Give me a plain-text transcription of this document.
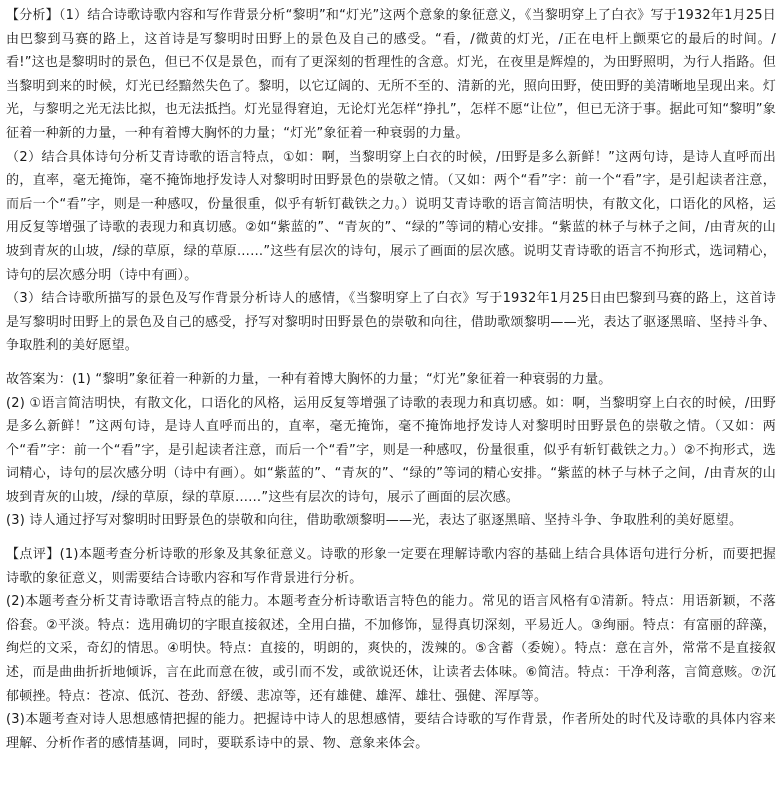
【分析】（1）结合诗歌诗歌内容和写作背景分析“黎明”和“灯光”这两个意象的象征意义，《当黎明穿上了白衣》写于1932年1月25日由巴黎到马赛的路上，这首诗是写黎明时田野上的景色及自己的感受。“看，/微黄的灯光，/正在电杆上颤栗它的最后的时间。/看!”这也是黎明时的景色，但已不仅是景色，而有了更深刻的哲理性的含意。灯光，在夜里是辉煌的，为田野照明，为行人指路。但当黎明到来的时候，灯光已经黯然失色了。黎明，以它辽阔的、无所不至的、清新的光，照向田野，使田野的美清晰地呈现出来。灯光，与黎明之光无法比拟，也无法抵挡。灯光显得窘迫，无论灯光怎样“挣扎”，怎样不愿“让位”，但已无济于事。据此可知“黎明”象征着一种新的力量，一种有着博大胸怀的力量；“灯光”象征着一种衰弱的力量。

（2）结合具体诗句分析艾青诗歌的语言特点，①如：啊，当黎明穿上白衣的时候，/田野是多么新鲜！”这两句诗，是诗人直呼而出的，直率，毫无掩饰，毫不掩饰地抒发诗人对黎明时田野景色的崇敬之情。（又如：两个“看”字：前一个“看”字，是引起读者注意，而后一个“看”字，则是一种感叹，份量很重，似乎有斩钉截铁之力。）说明艾青诗歌的语言简洁明快，有散文化，口语化的风格，运用反复等增强了诗歌的表现力和真切感。②如“紫蓝的”、“青灰的”、“绿的”等词的精心安排。“紫蓝的林子与林子之间，/由青灰的山坡到青灰的山坡，/绿的草原，绿的草原……”这些有层次的诗句，展示了画面的层次感。说明艾青诗歌的语言不拘形式，选词精心，诗句的层次感分明（诗中有画）。

（3）结合诗歌所描写的景色及写作背景分析诗人的感情，《当黎明穿上了白衣》写于1932年1月25日由巴黎到马赛的路上，这首诗是写黎明时田野上的景色及自己的感受，抒写对黎明时田野景色的崇敬和向往，借助歌颂黎明——光，表达了驱逐黑暗、坚持斗争、争取胜利的美好愿望。

故答案为：(1) “黎明”象征着一种新的力量，一种有着博大胸怀的力量；“灯光”象征着一种衰弱的力量。

(2) ①语言简洁明快，有散文化，口语化的风格，运用反复等增强了诗歌的表现力和真切感。如：啊，当黎明穿上白衣的时候，/田野是多么新鲜！”这两句诗，是诗人直呼而出的，直率，毫无掩饰，毫不掩饰地抒发诗人对黎明时田野景色的崇敬之情。（又如：两个“看”字：前一个“看”字，是引起读者注意，而后一个“看”字，则是一种感叹，份量很重，似乎有斩钉截铁之力。）②不拘形式，选词精心，诗句的层次感分明（诗中有画）。如“紫蓝的”、“青灰的”、“绿的”等词的精心安排。“紫蓝的林子与林子之间，/由青灰的山坡到青灰的山坡，/绿的草原，绿的草原……”这些有层次的诗句，展示了画面的层次感。

(3) 诗人通过抒写对黎明时田野景色的崇敬和向往，借助歌颂黎明——光，表达了驱逐黑暗、坚持斗争、争取胜利的美好愿望。

【点评】(1)本题考查分析诗歌的形象及其象征意义。诗歌的形象一定要在理解诗歌内容的基础上结合具体语句进行分析，而要把握诗歌的象征意义，则需要结合诗歌内容和写作背景进行分析。

(2)本题考查分析艾青诗歌语言特点的能力。本题考查分析诗歌语言特色的能力。常见的语言风格有①清新。特点：用语新颖，不落俗套。②平淡。特点：选用确切的字眼直接叙述，全用白描，不加修饰，显得真切深刻，平易近人。③绚丽。特点：有富丽的辞藻，绚烂的文采，奇幻的情思。④明快。特点：直接的，明朗的，爽快的，泼辣的。⑤含蓄（委婉）。特点：意在言外，常常不是直接叙述，而是曲曲折折地倾诉，言在此而意在彼，或引而不发，或欲说还休，让读者去体味。⑥简洁。特点：干净利落，言简意赅。⑦沉郁顿挫。特点：苍凉、低沉、苍劲、舒缓、悲凉等，还有雄健、雄浑、雄壮、强健、浑厚等。

(3)本题考查对诗人思想感情把握的能力。把握诗中诗人的思想感情，要结合诗歌的写作背景，作者所处的时代及诗歌的具体内容来理解、分析作者的感情基调，同时，要联系诗中的景、物、意象来体会。
